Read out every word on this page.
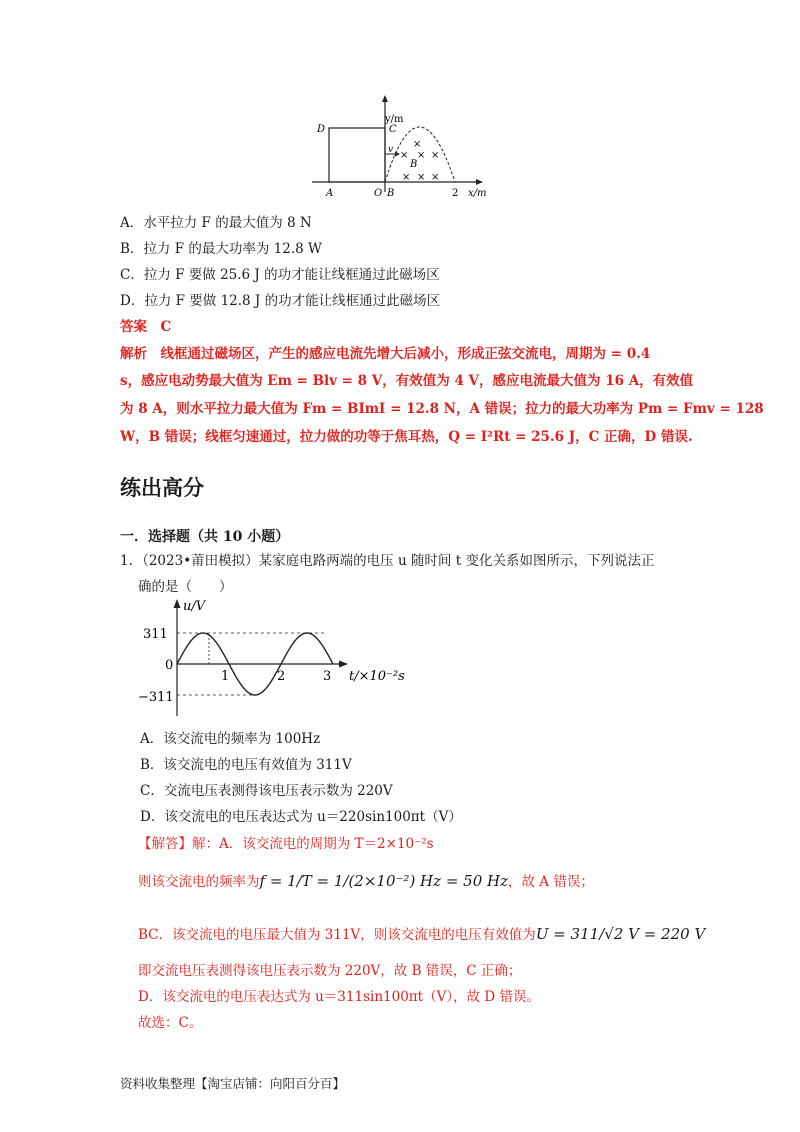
y/m
D	C
v
A	O B	2 x/m
B
×
× × ×
× × ×
A．水平拉力 F 的最大值为 8 N
B．拉力 F 的最大功率为 12.8 W
C．拉力 F 要做 25.6 J 的功才能让线框通过此磁场区
D．拉力 F 要做 12.8 J 的功才能让线框通过此磁场区
答案　C
解析　线框通过磁场区，产生的感应电流先增大后减小，形成正弦交流电，周期为 = 0.4
s，感应电动势最大值为 Em = Blv = 8 V，有效值为 4 V，感应电流最大值为 16 A，有效值
为 8 A，则水平拉力最大值为 Fm = BImI = 12.8 N，A 错误；拉力的最大功率为 Pm = Fmv = 128
W，B 错误；线框匀速通过，拉力做的功等于焦耳热，Q = I²Rt = 25.6 J，C 正确，D 错误.
练出高分
一．选择题（共 10 小题）
1．（2023•莆田模拟）某家庭电路两端的电压 u 随时间 t 变化关系如图所示，下列说法正
确的是（　　）
u/V
311
0
−311
1	2	3 t/×10⁻²s
A．该交流电的频率为 100Hz
B．该交流电的电压有效值为 311V
C．交流电压表测得该电压表示数为 220V
D．该交流电的电压表达式为 u＝220sin100πt（V）
【解答】解：A．该交流电的周期为 T＝2×10⁻²s
则该交流电的频率为f = 1/T = 1/(2×10⁻²) Hz = 50 Hz，故 A 错误；
BC．该交流电的电压最大值为 311V，则该交流电的电压有效值为U = 311/√2 V = 220 V
即交流电压表测得该电压表示数为 220V，故 B 错误，C 正确；
D．该交流电的电压表达式为 u＝311sin100πt（V），故 D 错误。
故选：C。
资料收集整理【淘宝店铺：向阳百分百】
